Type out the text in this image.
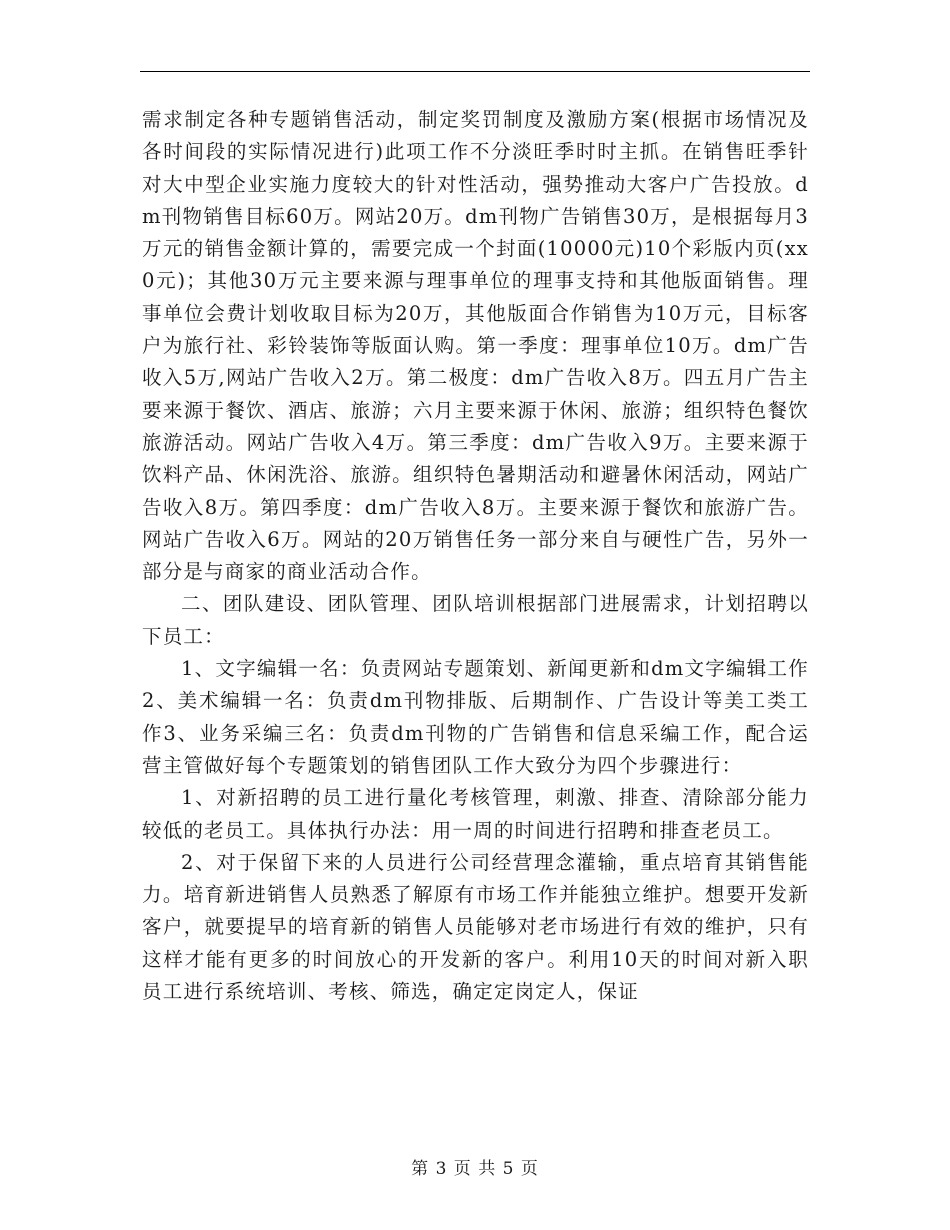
需求制定各种专题销售活动，制定奖罚制度及激励方案(根据市场情况及各时间段的实际情况进行)此项工作不分淡旺季时时主抓。在销售旺季针对大中型企业实施力度较大的针对性活动，强势推动大客户广告投放。dm刊物销售目标60万。网站20万。dm刊物广告销售30万，是根据每月3万元的销售金额计算的，需要完成一个封面(10000元)10个彩版内页(xx0元)；其他30万元主要来源与理事单位的理事支持和其他版面销售。理事单位会费计划收取目标为20万，其他版面合作销售为10万元，目标客户为旅行社、彩铃装饰等版面认购。第一季度：理事单位10万。dm广告收入5万,网站广告收入2万。第二极度：dm广告收入8万。四五月广告主要来源于餐饮、酒店、旅游；六月主要来源于休闲、旅游；组织特色餐饮旅游活动。网站广告收入4万。第三季度：dm广告收入9万。主要来源于饮料产品、休闲洗浴、旅游。组织特色暑期活动和避暑休闲活动，网站广告收入8万。第四季度：dm广告收入8万。主要来源于餐饮和旅游广告。网站广告收入6万。网站的20万销售任务一部分来自与硬性广告，另外一部分是与商家的商业活动合作。

二、团队建设、团队管理、团队培训根据部门进展需求，计划招聘以下员工：

1、文字编辑一名：负责网站专题策划、新闻更新和dm文字编辑工作2、美术编辑一名：负责dm刊物排版、后期制作、广告设计等美工类工作3、业务采编三名：负责dm刊物的广告销售和信息采编工作，配合运营主管做好每个专题策划的销售团队工作大致分为四个步骤进行：

1、对新招聘的员工进行量化考核管理，刺激、排查、清除部分能力较低的老员工。具体执行办法：用一周的时间进行招聘和排查老员工。

2、对于保留下来的人员进行公司经营理念灌输，重点培育其销售能力。培育新进销售人员熟悉了解原有市场工作并能独立维护。想要开发新客户，就要提早的培育新的销售人员能够对老市场进行有效的维护，只有这样才能有更多的时间放心的开发新的客户。利用10天的时间对新入职员工进行系统培训、考核、筛选，确定定岗定人，保证

第 3 页 共 5 页
